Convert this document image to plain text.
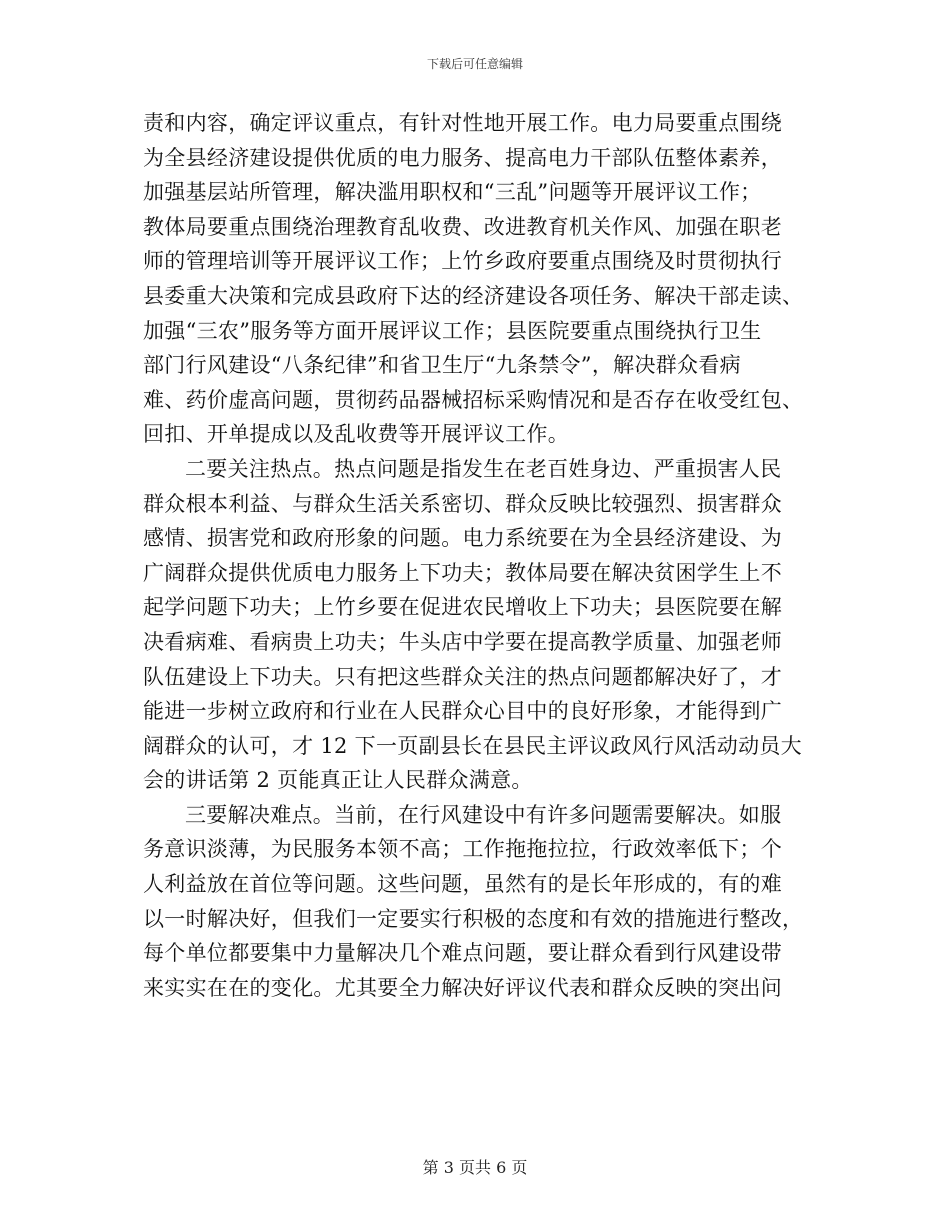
下载后可任意编辑
责和内容，确定评议重点，有针对性地开展工作。电力局要重点围绕
为全县经济建设提供优质的电力服务、提高电力干部队伍整体素养，
加强基层站所管理，解决滥用职权和“三乱”问题等开展评议工作；
教体局要重点围绕治理教育乱收费、改进教育机关作风、加强在职老
师的管理培训等开展评议工作；上竹乡政府要重点围绕及时贯彻执行
县委重大决策和完成县政府下达的经济建设各项任务、解决干部走读、
加强“三农”服务等方面开展评议工作；县医院要重点围绕执行卫生
部门行风建设“八条纪律”和省卫生厅“九条禁令”，解决群众看病
难、药价虚高问题，贯彻药品器械招标采购情况和是否存在收受红包、
回扣、开单提成以及乱收费等开展评议工作。
二要关注热点。热点问题是指发生在老百姓身边、严重损害人民
群众根本利益、与群众生活关系密切、群众反映比较强烈、损害群众
感情、损害党和政府形象的问题。电力系统要在为全县经济建设、为
广阔群众提供优质电力服务上下功夫；教体局要在解决贫困学生上不
起学问题下功夫；上竹乡要在促进农民增收上下功夫；县医院要在解
决看病难、看病贵上功夫；牛头店中学要在提高教学质量、加强老师
队伍建设上下功夫。只有把这些群众关注的热点问题都解决好了，才
能进一步树立政府和行业在人民群众心目中的良好形象，才能得到广
阔群众的认可，才 12 下一页副县长在县民主评议政风行风活动动员大
会的讲话第 2 页能真正让人民群众满意。
三要解决难点。当前，在行风建设中有许多问题需要解决。如服
务意识淡薄，为民服务本领不高；工作拖拖拉拉，行政效率低下；个
人利益放在首位等问题。这些问题，虽然有的是长年形成的，有的难
以一时解决好，但我们一定要实行积极的态度和有效的措施进行整改，
每个单位都要集中力量解决几个难点问题，要让群众看到行风建设带
来实实在在的变化。尤其要全力解决好评议代表和群众反映的突出问
第 3 页共 6 页
